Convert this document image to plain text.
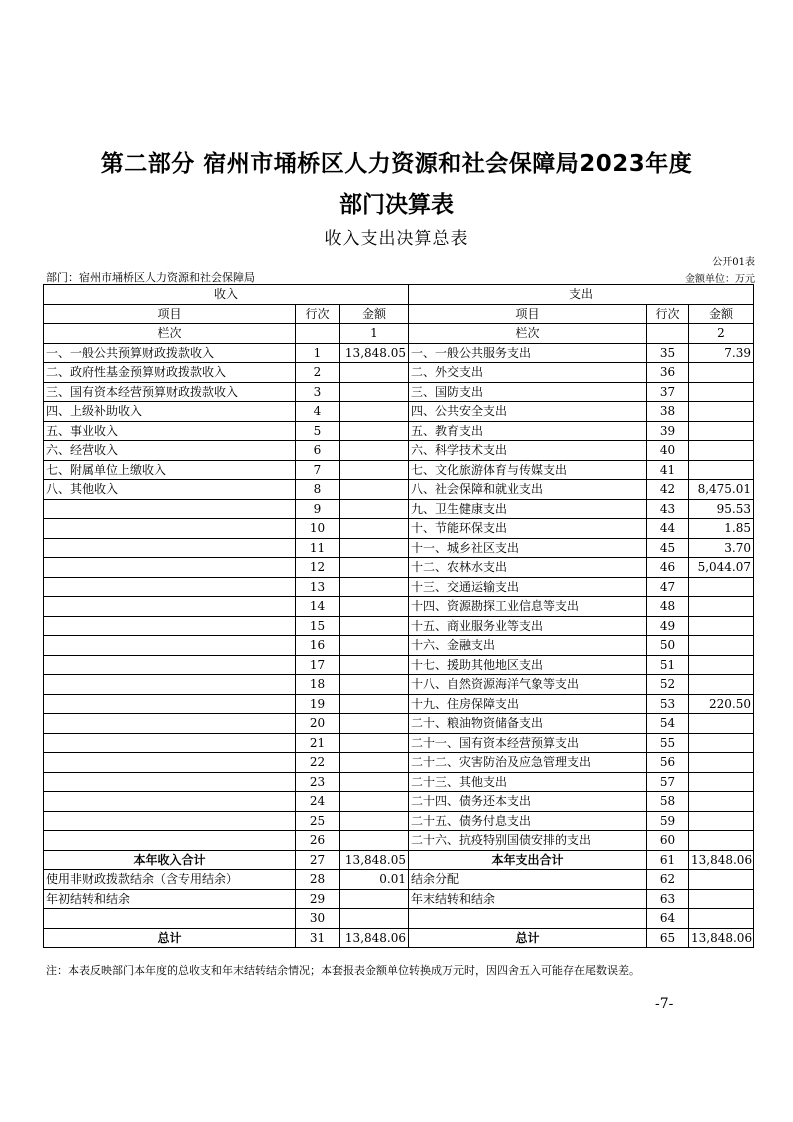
第二部分 宿州市埇桥区人力资源和社会保障局2023年度
部门决算表
收入支出决算总表
公开01表
部门：宿州市埇桥区人力资源和社会保障局	金额单位：万元
收入			支出		
项目	行次	金额	项目	行次	金额
栏次		1	栏次		2
一、一般公共预算财政拨款收入	1	13,848.05	一、一般公共服务支出	35	7.39
二、政府性基金预算财政拨款收入	2		二、外交支出	36	
三、国有资本经营预算财政拨款收入	3		三、国防支出	37	
四、上级补助收入	4		四、公共安全支出	38	
五、事业收入	5		五、教育支出	39	
六、经营收入	6		六、科学技术支出	40	
七、附属单位上缴收入	7		七、文化旅游体育与传媒支出	41	
八、其他收入	8		八、社会保障和就业支出	42	8,475.01
	9		九、卫生健康支出	43	95.53
	10		十、节能环保支出	44	1.85
	11		十一、城乡社区支出	45	3.70
	12		十二、农林水支出	46	5,044.07
	13		十三、交通运输支出	47	
	14		十四、资源勘探工业信息等支出	48	
	15		十五、商业服务业等支出	49	
	16		十六、金融支出	50	
	17		十七、援助其他地区支出	51	
	18		十八、自然资源海洋气象等支出	52	
	19		十九、住房保障支出	53	220.50
	20		二十、粮油物资储备支出	54	
	21		二十一、国有资本经营预算支出	55	
	22		二十二、灾害防治及应急管理支出	56	
	23		二十三、其他支出	57	
	24		二十四、债务还本支出	58	
	25		二十五、债务付息支出	59	
	26		二十六、抗疫特别国债安排的支出	60	
本年收入合计	27	13,848.05	本年支出合计	61	13,848.06
使用非财政拨款结余（含专用结余）	28	0.01	结余分配	62	
年初结转和结余	29		年末结转和结余	63	
	30			64	
总计	31	13,848.06	总计	65	13,848.06
注：本表反映部门本年度的总收支和年末结转结余情况；本套报表金额单位转换成万元时，因四舍五入可能存在尾数误差。
-7-
